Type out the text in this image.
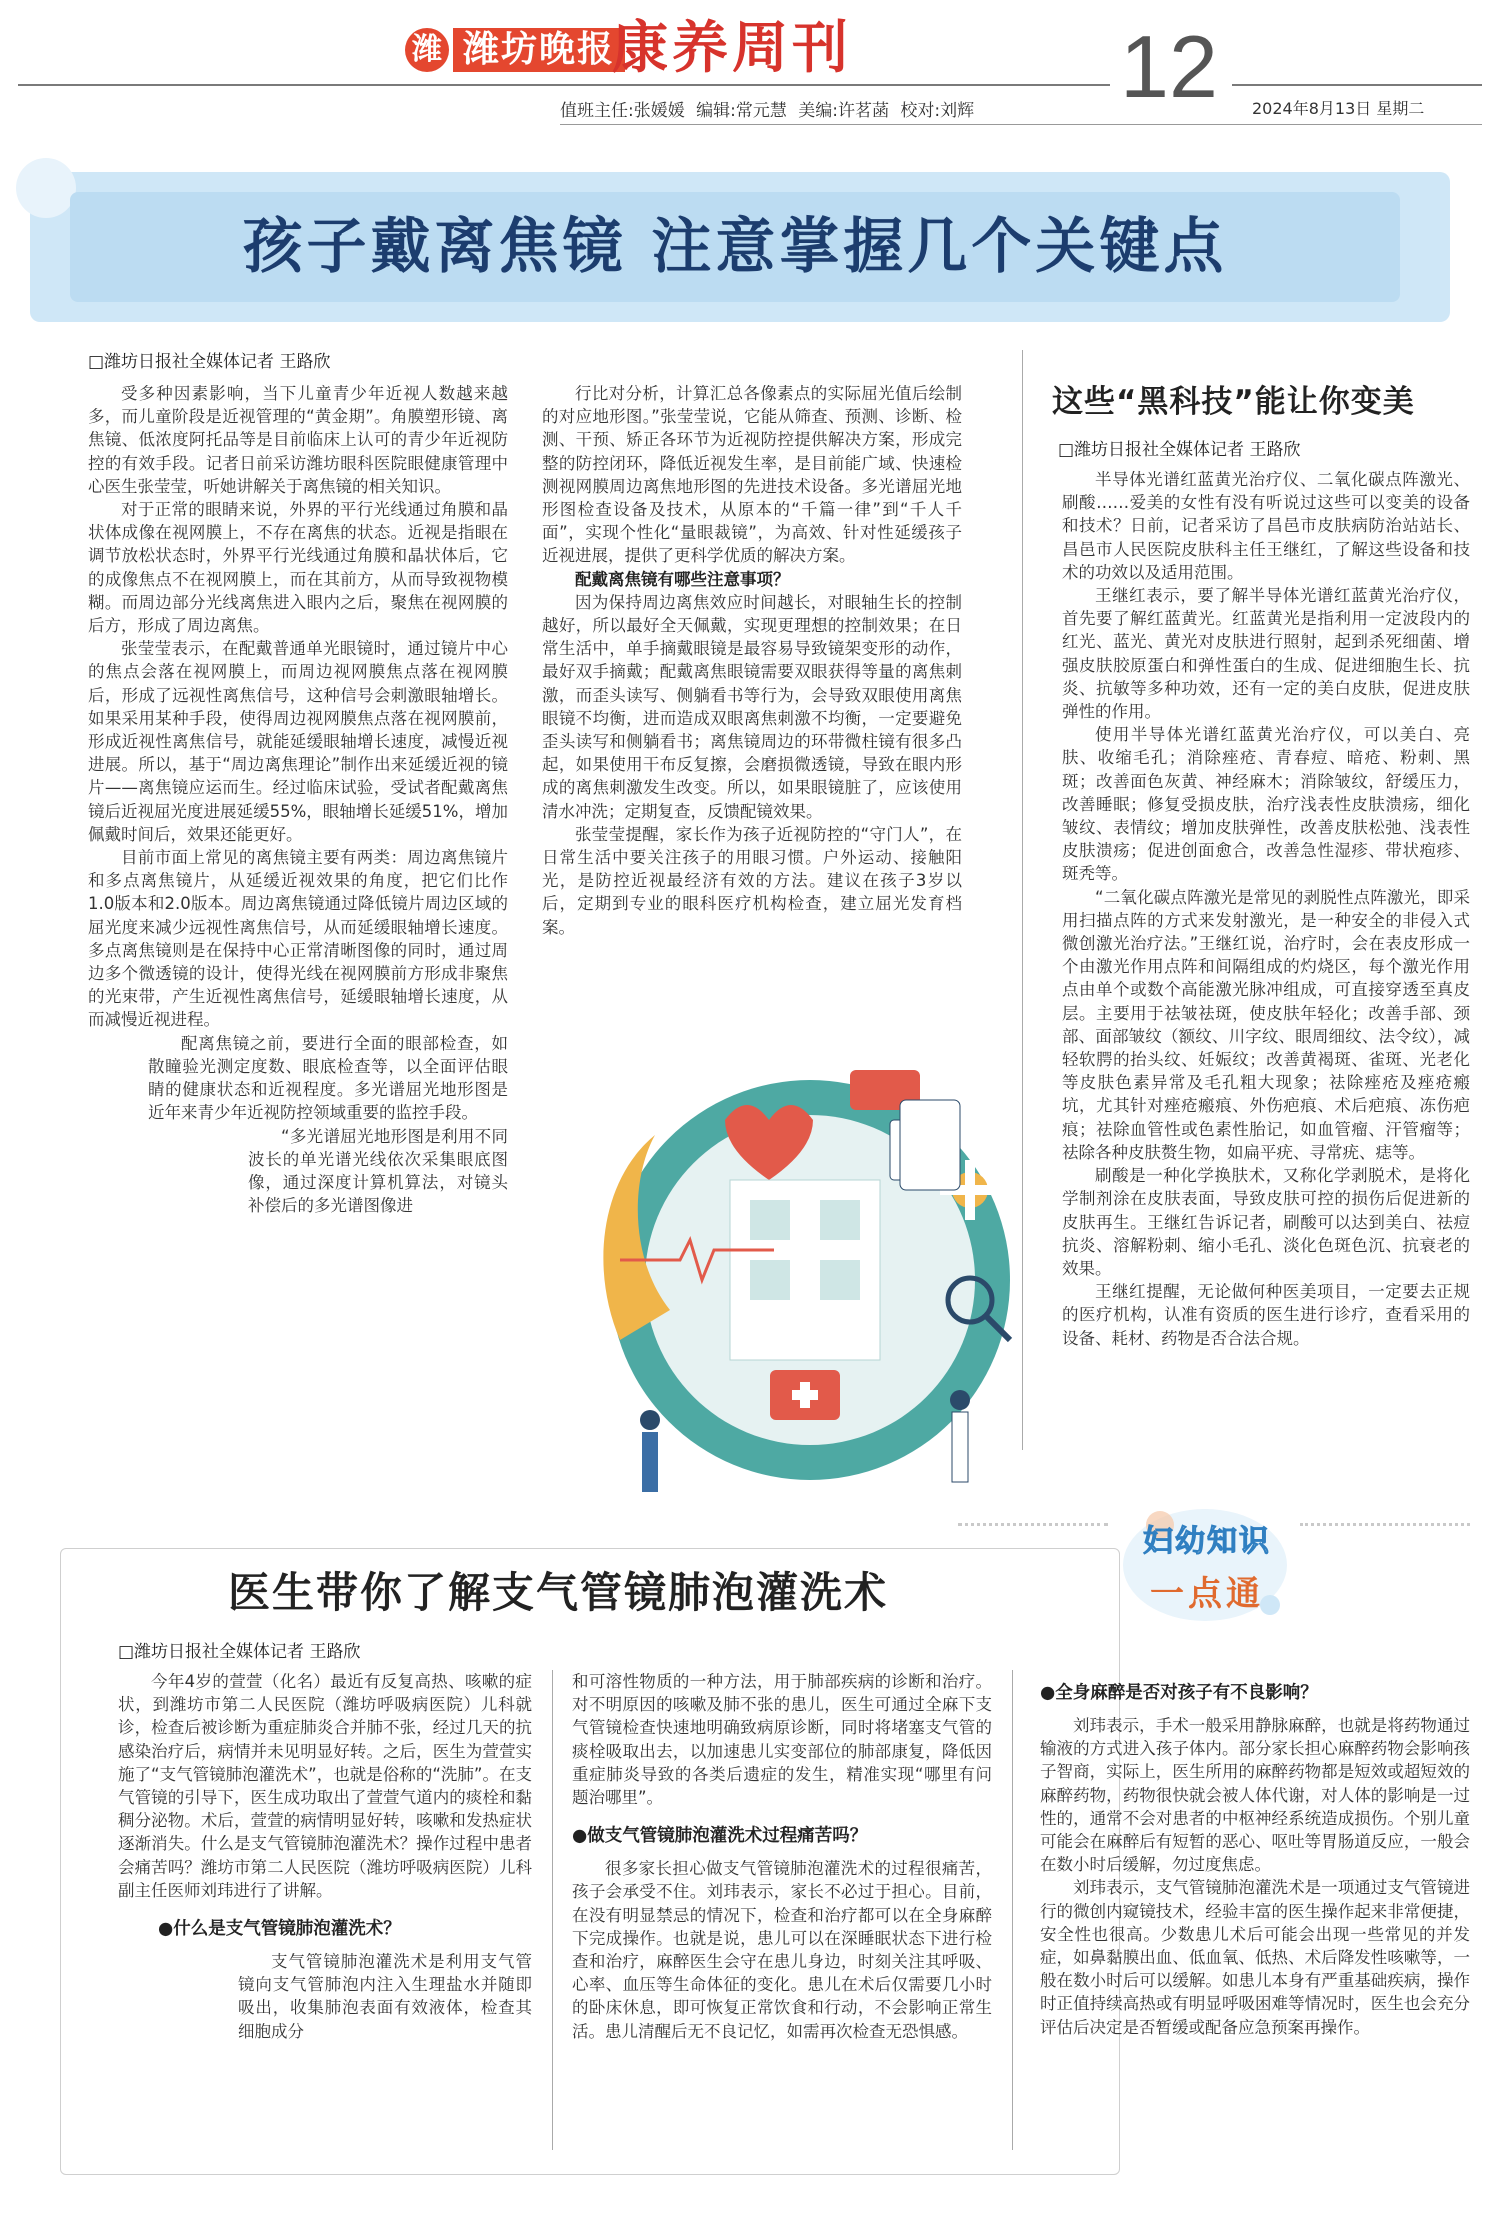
潍 潍坊晚报
康养周刊	12
值班主任:张媛媛 编辑:常元慧 美编:许茗菡 校对:刘辉	2024年8月13日 星期二
孩子戴离焦镜 注意掌握几个关键点
□潍坊日报社全媒体记者 王路欣

受多种因素影响，当下儿童青少年近视人数越来越多，而儿童阶段是近视管理的“黄金期”。角膜塑形镜、离焦镜、低浓度阿托品等是目前临床上认可的青少年近视防控的有效手段。记者日前采访潍坊眼科医院眼健康管理中心医生张莹莹，听她讲解关于离焦镜的相关知识。

对于正常的眼睛来说，外界的平行光线通过角膜和晶状体成像在视网膜上，不存在离焦的状态。近视是指眼在调节放松状态时，外界平行光线通过角膜和晶状体后，它的成像焦点不在视网膜上，而在其前方，从而导致视物模糊。而周边部分光线离焦进入眼内之后，聚焦在视网膜的后方，形成了周边离焦。

张莹莹表示，在配戴普通单光眼镜时，通过镜片中心的焦点会落在视网膜上，而周边视网膜焦点落在视网膜后，形成了远视性离焦信号，这种信号会刺激眼轴增长。如果采用某种手段，使得周边视网膜焦点落在视网膜前，形成近视性离焦信号，就能延缓眼轴增长速度，减慢近视进展。所以，基于“周边离焦理论”制作出来延缓近视的镜片——离焦镜应运而生。经过临床试验，受试者配戴离焦镜后近视屈光度进展延缓55%，眼轴增长延缓51%，增加佩戴时间后，效果还能更好。

目前市面上常见的离焦镜主要有两类：周边离焦镜片和多点离焦镜片，从延缓近视效果的角度，把它们比作1.0版本和2.0版本。周边离焦镜通过降低镜片周边区域的屈光度来减少远视性离焦信号，从而延缓眼轴增长速度。多点离焦镜则是在保持中心正常清晰图像的同时，通过周边多个微透镜的设计，使得光线在视网膜前方形成非聚焦的光束带，产生近视性离焦信号，延缓眼轴增长速度，从而减慢近视进程。

配离焦镜之前，要进行全面的眼部检查，如散瞳验光测定度数、眼底检查等，以全面评估眼睛的健康状态和近视程度。多光谱屈光地形图是近年来青少年近视防控领域重要的监控手段。

“多光谱屈光地形图是利用不同波长的单光谱光线依次采集眼底图像，通过深度计算机算法，对镜头补偿后的多光谱图像进

行比对分析，计算汇总各像素点的实际屈光值后绘制的对应地形图。”张莹莹说，它能从筛查、预测、诊断、检测、干预、矫正各环节为近视防控提供解决方案，形成完整的防控闭环，降低近视发生率，是目前能广域、快速检测视网膜周边离焦地形图的先进技术设备。多光谱屈光地形图检查设备及技术，从原本的“千篇一律”到“千人千面”，实现个性化“量眼裁镜”，为高效、针对性延缓孩子近视进展，提供了更科学优质的解决方案。

配戴离焦镜有哪些注意事项？

因为保持周边离焦效应时间越长，对眼轴生长的控制越好，所以最好全天佩戴，实现更理想的控制效果；在日常生活中，单手摘戴眼镜是最容易导致镜架变形的动作，最好双手摘戴；配戴离焦眼镜需要双眼获得等量的离焦刺激，而歪头读写、侧躺看书等行为，会导致双眼使用离焦眼镜不均衡，进而造成双眼离焦刺激不均衡，一定要避免歪头读写和侧躺看书；离焦镜周边的环带微柱镜有很多凸起，如果使用干布反复擦，会磨损微透镜，导致在眼内形成的离焦刺激发生改变。所以，如果眼镜脏了，应该使用清水冲洗；定期复查，反馈配镜效果。

张莹莹提醒，家长作为孩子近视防控的“守门人”，在日常生活中要关注孩子的用眼习惯。户外运动、接触阳光，是防控近视最经济有效的方法。建议在孩子3岁以后，定期到专业的眼科医疗机构检查，建立屈光发育档案。

这些“黑科技”能让你变美
□潍坊日报社全媒体记者 王路欣

半导体光谱红蓝黄光治疗仪、二氧化碳点阵激光、刷酸……爱美的女性有没有听说过这些可以变美的设备和技术？日前，记者采访了昌邑市皮肤病防治站站长、昌邑市人民医院皮肤科主任王继红，了解这些设备和技术的功效以及适用范围。

王继红表示，要了解半导体光谱红蓝黄光治疗仪，首先要了解红蓝黄光。红蓝黄光是指利用一定波段内的红光、蓝光、黄光对皮肤进行照射，起到杀死细菌、增强皮肤胶原蛋白和弹性蛋白的生成、促进细胞生长、抗炎、抗敏等多种功效，还有一定的美白皮肤，促进皮肤弹性的作用。

使用半导体光谱红蓝黄光治疗仪，可以美白、亮肤、收缩毛孔；消除痤疮、青春痘、暗疮、粉刺、黑斑；改善面色灰黄、神经麻木；消除皱纹，舒缓压力，改善睡眠；修复受损皮肤，治疗浅表性皮肤溃疡，细化皱纹、表情纹；增加皮肤弹性，改善皮肤松弛、浅表性皮肤溃疡；促进创面愈合，改善急性湿疹、带状疱疹、斑秃等。

“二氧化碳点阵激光是常见的剥脱性点阵激光，即采用扫描点阵的方式来发射激光，是一种安全的非侵入式微创激光治疗法。”王继红说，治疗时，会在表皮形成一个由激光作用点阵和间隔组成的灼烧区，每个激光作用点由单个或数个高能激光脉冲组成，可直接穿透至真皮层。主要用于祛皱祛斑，使皮肤年轻化；改善手部、颈部、面部皱纹（额纹、川字纹、眼周细纹、法令纹），减轻软腭的抬头纹、妊娠纹；改善黄褐斑、雀斑、光老化等皮肤色素异常及毛孔粗大现象；祛除痤疮及痤疮瘢坑，尤其针对痤疮瘢痕、外伤疤痕、术后疤痕、冻伤疤痕；祛除血管性或色素性胎记，如血管瘤、汗管瘤等；祛除各种皮肤赘生物，如扁平疣、寻常疣、痣等。

刷酸是一种化学换肤术，又称化学剥脱术，是将化学制剂涂在皮肤表面，导致皮肤可控的损伤后促进新的皮肤再生。王继红告诉记者，刷酸可以达到美白、祛痘抗炎、溶解粉刺、缩小毛孔、淡化色斑色沉、抗衰老的效果。

王继红提醒，无论做何种医美项目，一定要去正规的医疗机构，认准有资质的医生进行诊疗，查看采用的设备、耗材、药物是否合法合规。

妇幼知识
一点通
医生带你了解支气管镜肺泡灌洗术
□潍坊日报社全媒体记者 王路欣

今年4岁的萱萱（化名）最近有反复高热、咳嗽的症状，到潍坊市第二人民医院（潍坊呼吸病医院）儿科就诊，检查后被诊断为重症肺炎合并肺不张，经过几天的抗感染治疗后，病情并未见明显好转。之后，医生为萱萱实施了“支气管镜肺泡灌洗术”，也就是俗称的“洗肺”。在支气管镜的引导下，医生成功取出了萱萱气道内的痰栓和黏稠分泌物。术后，萱萱的病情明显好转，咳嗽和发热症状逐渐消失。什么是支气管镜肺泡灌洗术？操作过程中患者会痛苦吗？潍坊市第二人民医院（潍坊呼吸病医院）儿科副主任医师刘玮进行了讲解。

●什么是支气管镜肺泡灌洗术？

支气管镜肺泡灌洗术是利用支气管镜向支气管肺泡内注入生理盐水并随即吸出，收集肺泡表面有效液体，检查其细胞成分

和可溶性物质的一种方法，用于肺部疾病的诊断和治疗。对不明原因的咳嗽及肺不张的患儿，医生可通过全麻下支气管镜检查快速地明确致病原诊断，同时将堵塞支气管的痰栓吸取出去，以加速患儿实变部位的肺部康复，降低因重症肺炎导致的各类后遗症的发生，精准实现“哪里有问题治哪里”。

●做支气管镜肺泡灌洗术过程痛苦吗？

很多家长担心做支气管镜肺泡灌洗术的过程很痛苦，孩子会承受不住。刘玮表示，家长不必过于担心。目前，在没有明显禁忌的情况下，检查和治疗都可以在全身麻醉下完成操作。也就是说，患儿可以在深睡眠状态下进行检查和治疗，麻醉医生会守在患儿身边，时刻关注其呼吸、心率、血压等生命体征的变化。患儿在术后仅需要几小时的卧床休息，即可恢复正常饮食和行动，不会影响正常生活。患儿清醒后无不良记忆，如需再次检查无恐惧感。

●全身麻醉是否对孩子有不良影响？

刘玮表示，手术一般采用静脉麻醉，也就是将药物通过输液的方式进入孩子体内。部分家长担心麻醉药物会影响孩子智商，实际上，医生所用的麻醉药物都是短效或超短效的麻醉药物，药物很快就会被人体代谢，对人体的影响是一过性的，通常不会对患者的中枢神经系统造成损伤。个别儿童可能会在麻醉后有短暂的恶心、呕吐等胃肠道反应，一般会在数小时后缓解，勿过度焦虑。

刘玮表示，支气管镜肺泡灌洗术是一项通过支气管镜进行的微创内窥镜技术，经验丰富的医生操作起来非常便捷，安全性也很高。少数患儿术后可能会出现一些常见的并发症，如鼻黏膜出血、低血氧、低热、术后降发性咳嗽等，一般在数小时后可以缓解。如患儿本身有严重基础疾病，操作时正值持续高热或有明显呼吸困难等情况时，医生也会充分评估后决定是否暂缓或配备应急预案再操作。
